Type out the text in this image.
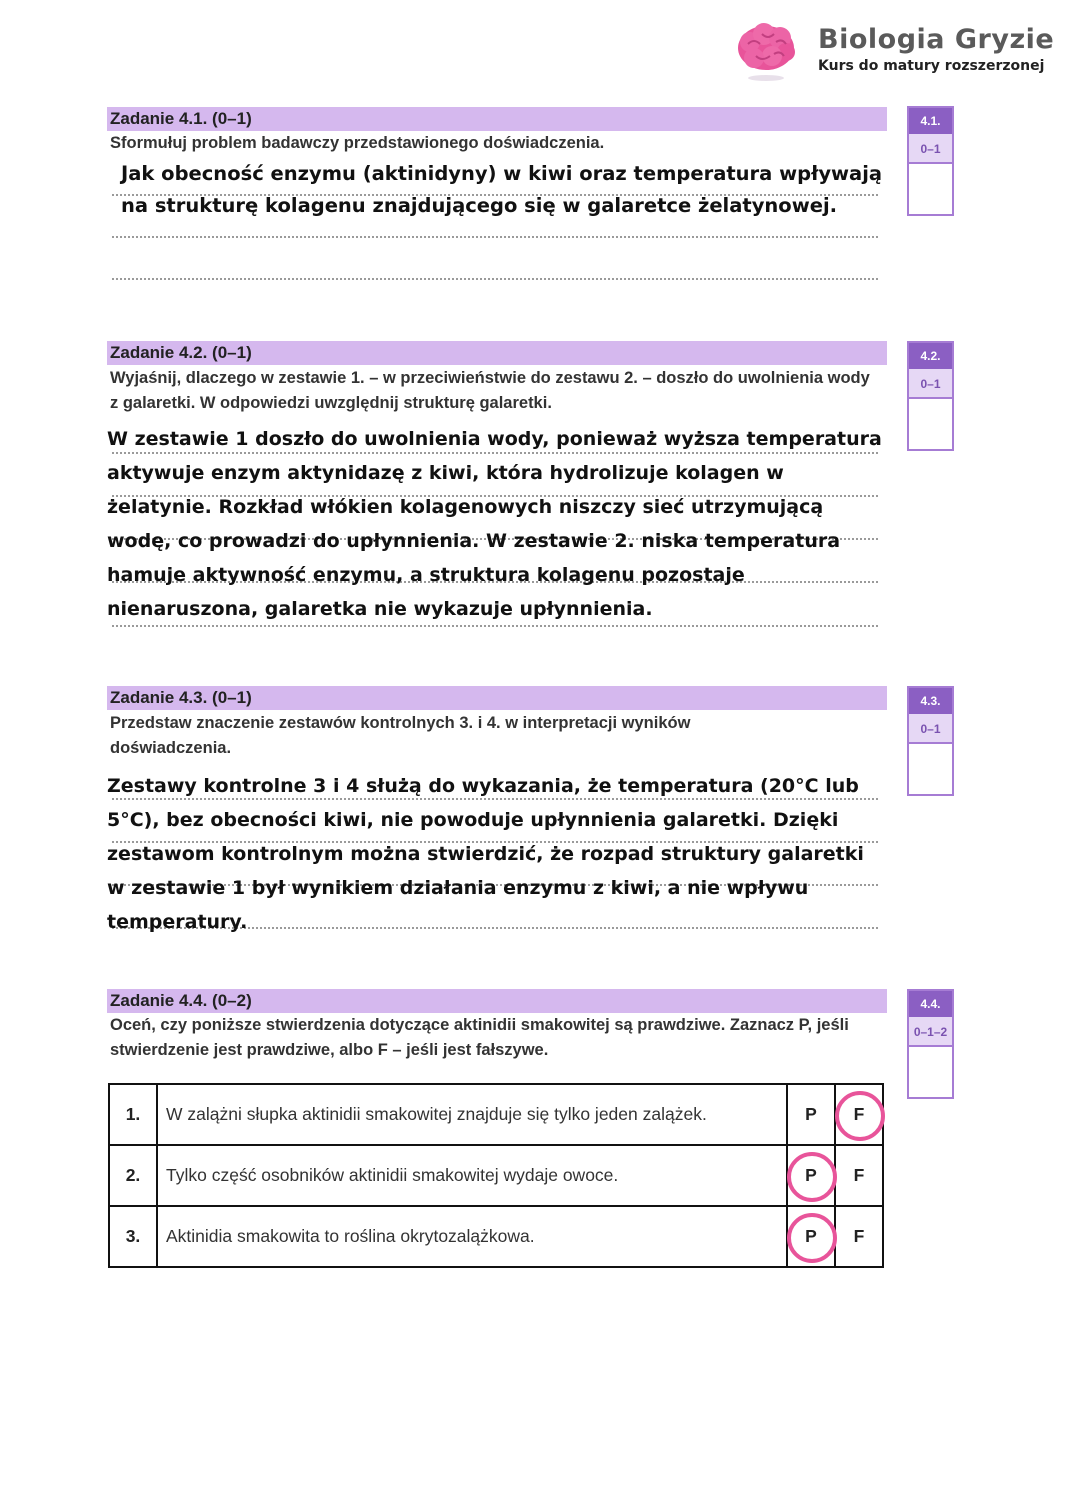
Biologia Gryzie
Kurs do matury rozszerzonej
Zadanie 4.1. (0–1)
Sformułuj problem badawczy przedstawionego doświadczenia.
Jak obecność enzymu (aktinidyny) w kiwi oraz temperatura wpływają na strukturę kolagenu znajdującego się w galaretce żelatynowej.
4.1.
0–1
Zadanie 4.2. (0–1)
Wyjaśnij, dlaczego w zestawie 1. – w przeciwieństwie do zestawu 2. – doszło do uwolnienia wody z galaretki. W odpowiedzi uwzględnij strukturę galaretki.
W zestawie 1 doszło do uwolnienia wody, ponieważ wyższa temperatura aktywuje enzym aktynidazę z kiwi, która hydrolizuje kolagen w żelatynie. Rozkład włókien kolagenowych niszczy sieć utrzymującą wodę, co prowadzi do upłynnienia. W zestawie 2. niska temperatura hamuje aktywność enzymu, a struktura kolagenu pozostaje nienaruszona, galaretka nie wykazuje upłynnienia.
4.2.
0–1
Zadanie 4.3. (0–1)
Przedstaw znaczenie zestawów kontrolnych 3. i 4. w interpretacji wyników doświadczenia.
Zestawy kontrolne 3 i 4 służą do wykazania, że temperatura (20°C lub 5°C), bez obecności kiwi, nie powoduje upłynnienia galaretki. Dzięki zestawom kontrolnym można stwierdzić, że rozpad struktury galaretki w zestawie 1 był wynikiem działania enzymu z kiwi, a nie wpływu temperatury.
4.3.
0–1
Zadanie 4.4. (0–2)
Oceń, czy poniższe stwierdzenia dotyczące aktinidii smakowitej są prawdziwe. Zaznacz P, jeśli stwierdzenie jest prawdziwe, albo F – jeśli jest fałszywe.
4.4.
0–1–2
1.	W zalążni słupka aktinidii smakowitej znajduje się tylko jeden zalążek.	P	F
2.	Tylko część osobników aktinidii smakowitej wydaje owoce.	P	F
3.	Aktinidia smakowita to roślina okrytozalążkowa.	P	F
